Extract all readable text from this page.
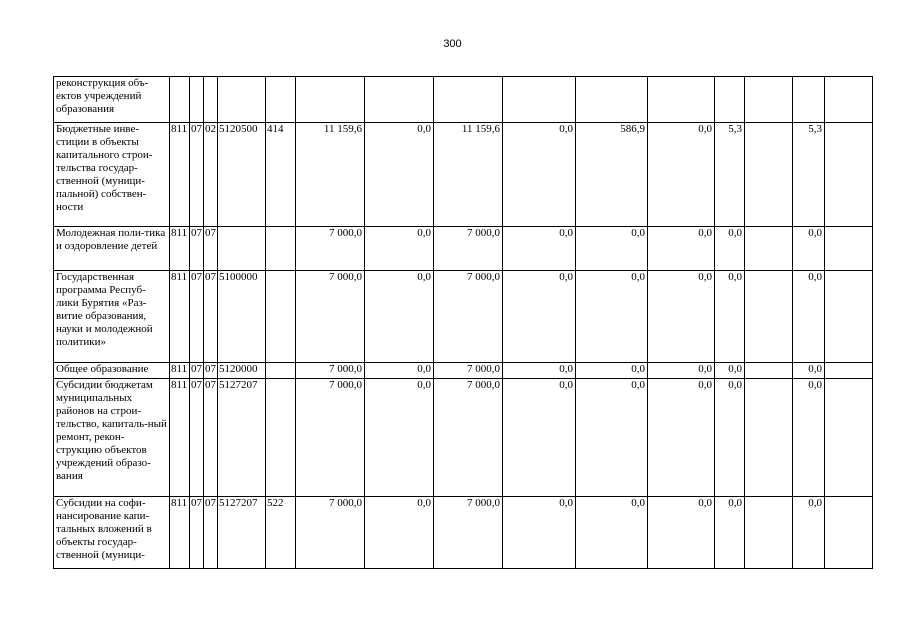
300
реконструкция объ-ектов учреждений образования															
Бюджетные инве-стиции в объекты капитального строи-тельства государ-ственной (муници-пальной) собствен-ности	811	07	02	5120500	414	11 159,6	0,0	11 159,6	0,0	586,9	0,0	5,3		5,3	
Молодежная поли-тика и оздоровление детей	811	07	07			7 000,0	0,0	7 000,0	0,0	0,0	0,0	0,0		0,0	
Государственная программа Респуб-лики Бурятия «Раз-витие образования, науки и молодежной политики»	811	07	07	5100000		7 000,0	0,0	7 000,0	0,0	0,0	0,0	0,0		0,0	
Общее образование	811	07	07	5120000		7 000,0	0,0	7 000,0	0,0	0,0	0,0	0,0		0,0	
Субсидии бюджетам муниципальных районов на строи-тельство, капиталь-ный ремонт, рекон-струкцию объектов учреждений образо-вания	811	07	07	5127207		7 000,0	0,0	7 000,0	0,0	0,0	0,0	0,0		0,0	
Субсидии на софи-нансирование капи-тальных вложений в объекты государ-ственной (муници-	811	07	07	5127207	522	7 000,0	0,0	7 000,0	0,0	0,0	0,0	0,0		0,0	
